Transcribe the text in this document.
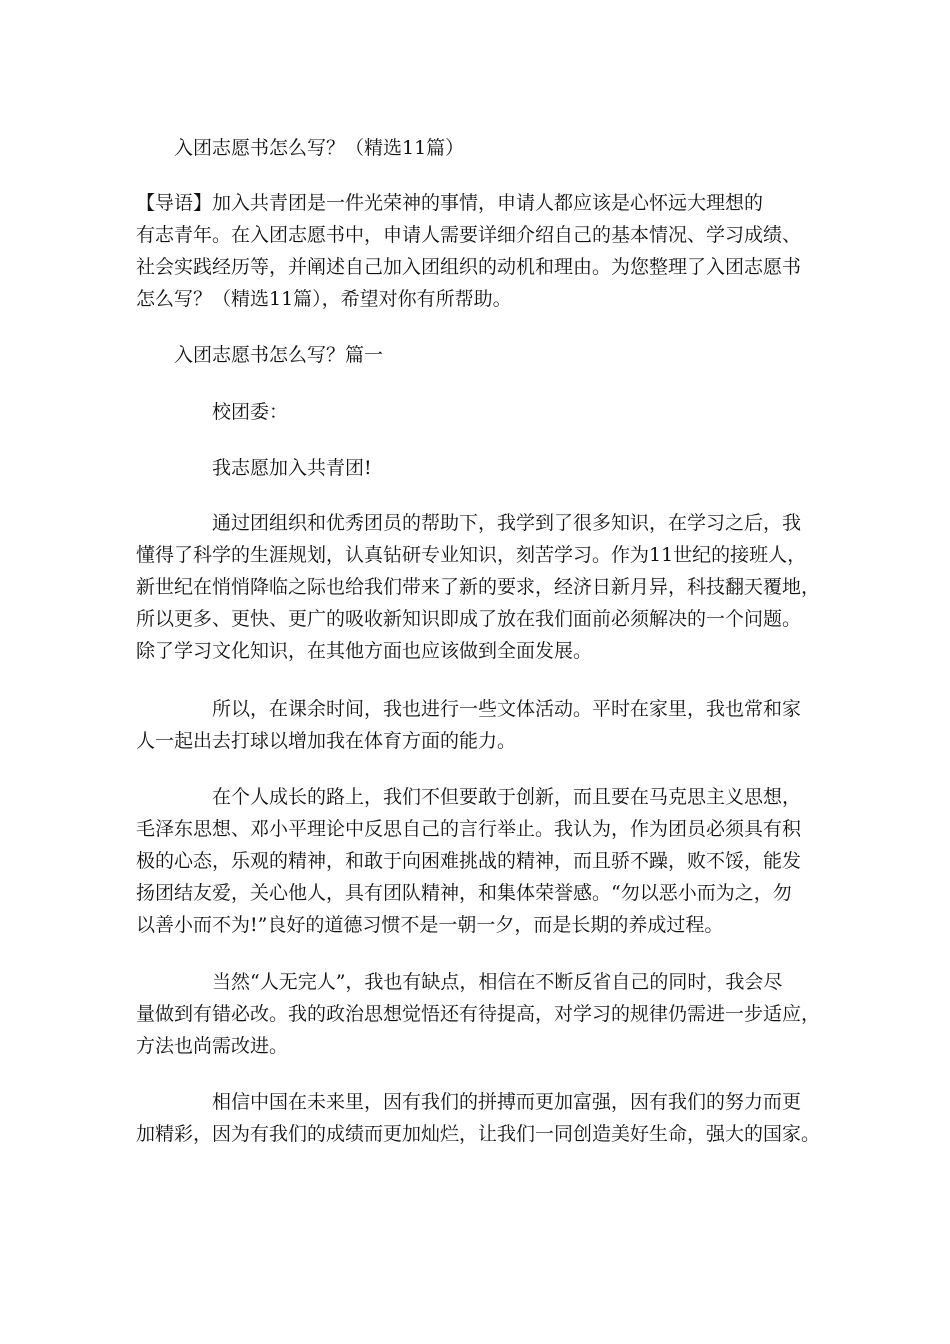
入团志愿书怎么写？（精选11篇）

【导语】加入共青团是一件光荣神的事情，申请人都应该是心怀远大理想的
有志青年。在入团志愿书中，申请人需要详细介绍自己的基本情况、学习成绩、
社会实践经历等，并阐述自己加入团组织的动机和理由。为您整理了入团志愿书
怎么写？（精选11篇），希望对你有所帮助。

入团志愿书怎么写？篇一

校团委：

我志愿加入共青团!

通过团组织和优秀团员的帮助下，我学到了很多知识，在学习之后，我
懂得了科学的生涯规划，认真钻研专业知识，刻苦学习。作为11世纪的接班人，
新世纪在悄悄降临之际也给我们带来了新的要求，经济日新月异，科技翻天覆地，
所以更多、更快、更广的吸收新知识即成了放在我们面前必须解决的一个问题。
除了学习文化知识，在其他方面也应该做到全面发展。

所以，在课余时间，我也进行一些文体活动。平时在家里，我也常和家
人一起出去打球以增加我在体育方面的能力。

在个人成长的路上，我们不但要敢于创新，而且要在马克思主义思想，
毛泽东思想、邓小平理论中反思自己的言行举止。我认为，作为团员必须具有积
极的心态，乐观的精神，和敢于向困难挑战的精神，而且骄不躁，败不馁，能发
扬团结友爱，关心他人，具有团队精神，和集体荣誉感。“勿以恶小而为之，勿
以善小而不为!”良好的道德习惯不是一朝一夕，而是长期的养成过程。

当然“人无完人”，我也有缺点，相信在不断反省自己的同时，我会尽
量做到有错必改。我的政治思想觉悟还有待提高，对学习的规律仍需进一步适应，
方法也尚需改进。

相信中国在未来里，因有我们的拼搏而更加富强，因有我们的努力而更
加精彩，因为有我们的成绩而更加灿烂，让我们一同创造美好生命，强大的国家。
